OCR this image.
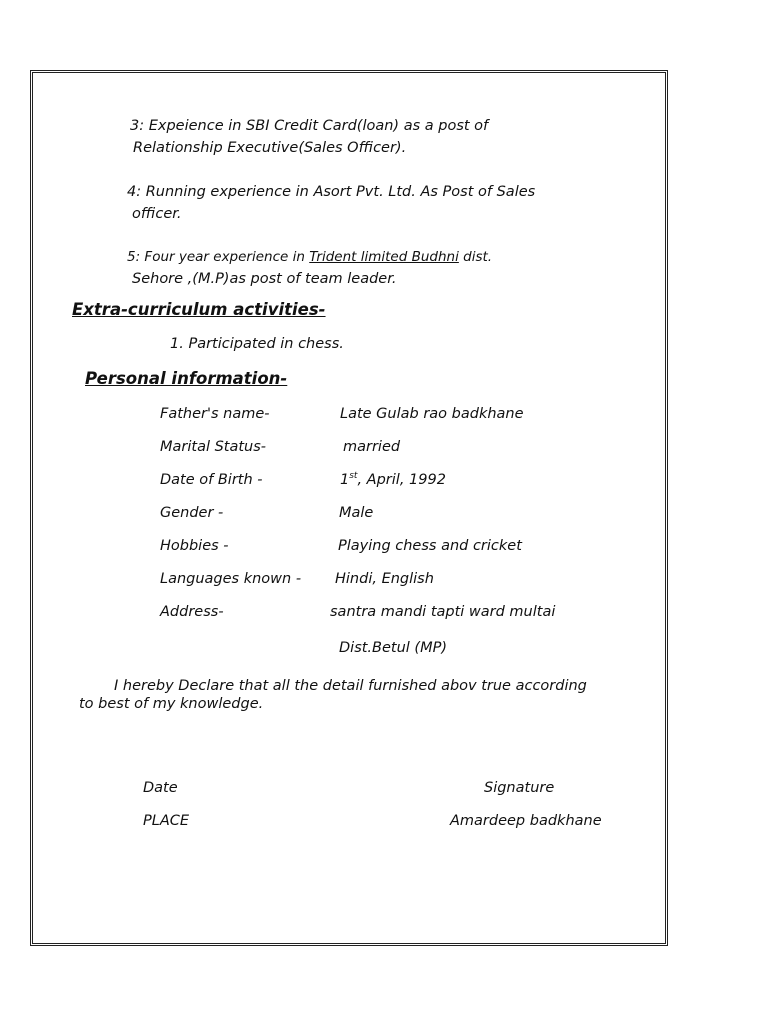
3: Expeience in SBI Credit Card(loan) as a post of
Relationship Executive(Sales Officer).
4: Running experience in Asort Pvt. Ltd. As Post of Sales
officer.
5: Four year experience in Trident limited Budhni dist.
Sehore ,(M.P)as post of team leader.
Extra-curriculum activities-
1. Participated in chess.
Personal information-
Father's name-	Late Gulab rao badkhane
Marital Status-	married
Date of Birth -	1st, April, 1992
Gender -	Male
Hobbies -	Playing chess and cricket
Languages known - Hindi, English
Address-	santra mandi tapti ward multai
Dist.Betul (MP)
I hereby Declare that all the detail furnished abov true according
to best of my knowledge.
Date	Signature
PLACE	Amardeep badkhane
